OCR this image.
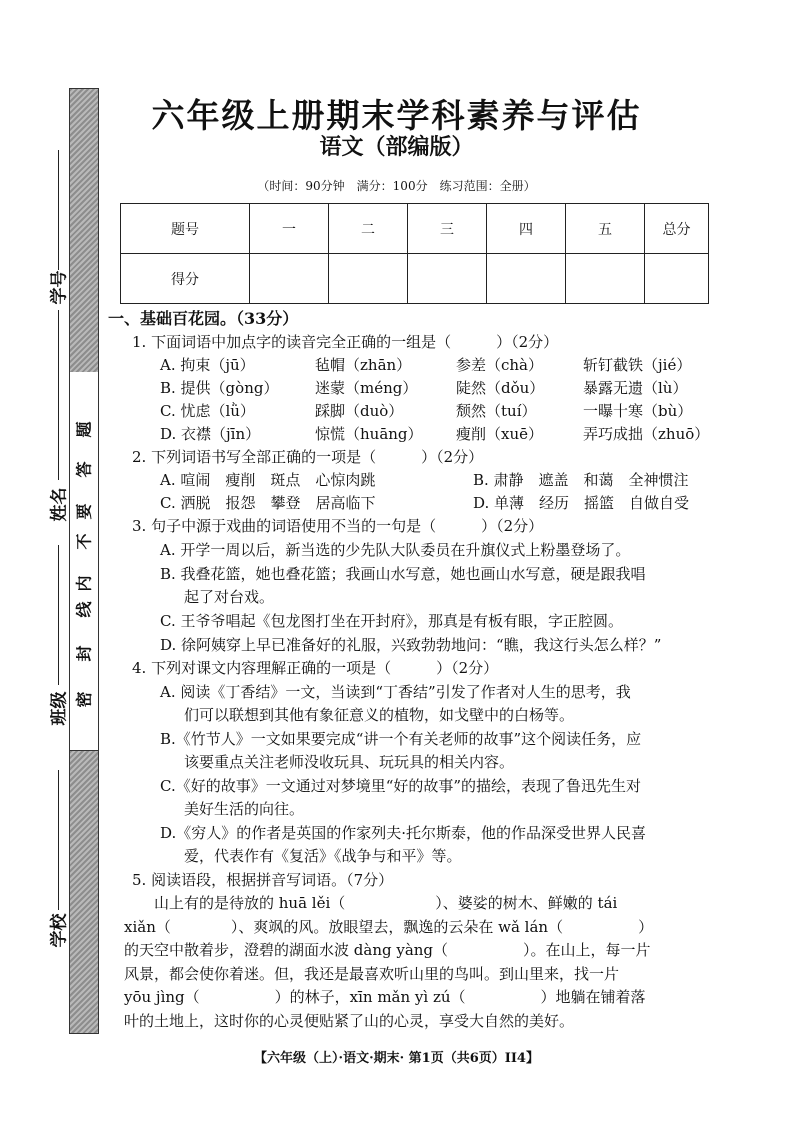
密
封
线
内
不
要
答
题
学校
班级
姓名
学号
六年级上册期末学科素养与评估
语文（部编版）
（时间：90分钟　满分：100分　练习范围：全册）
题号	一	二	三	四	五	总分
得分						
一、基础百花园。（33分）
1. 下面词语中加点字的读音完全正确的一组是（　　　）（2分）
A. 拘束（jū）	毡帽（zhān）	参差（chà）	斩钉截铁（jié）
B. 提供（gòng） 迷蒙（méng）	陡然（dǒu）	暴露无遗（lù）
C. 忧虑（lǜ）	踩脚（duò）	颓然（tuí）	一曝十寒（bù）
D. 衣襟（jīn）	惊慌（huāng） 瘦削（xuē）	弄巧成拙（zhuō）
2. 下列词语书写全部正确的一项是（　　　）（2分）
A. 喧闹　瘦削　斑点　心惊肉跳	B. 肃静　遮盖　和蔼　全神惯注
C. 洒脱　报怨　攀登　居高临下	D. 单薄　经历　摇篮　自做自受
3. 句子中源于戏曲的词语使用不当的一句是（　　　）（2分）
A. 开学一周以后，新当选的少先队大队委员在升旗仪式上粉墨登场了。
B. 我叠花篮，她也叠花篮；我画山水写意，她也画山水写意，硬是跟我唱
起了对台戏。
C. 王爷爷唱起《包龙图打坐在开封府》，那真是有板有眼，字正腔圆。
D. 徐阿姨穿上早已准备好的礼服，兴致勃勃地问：“瞧，我这行头怎么样？”
4. 下列对课文内容理解正确的一项是（　　　）（2分）
A. 阅读《丁香结》一文，当读到“丁香结”引发了作者对人生的思考，我
们可以联想到其他有象征意义的植物，如戈壁中的白杨等。
B.《竹节人》一文如果要完成“讲一个有关老师的故事”这个阅读任务，应
该要重点关注老师没收玩具、玩玩具的相关内容。
C.《好的故事》一文通过对梦境里“好的故事”的描绘，表现了鲁迅先生对
美好生活的向往。
D.《穷人》的作者是英国的作家列夫·托尔斯泰，他的作品深受世界人民喜
爱，代表作有《复活》《战争与和平》等。
5. 阅读语段，根据拼音写词语。（7分）
　　山上有的是待放的 huā lěi（　　　　　　）、婆娑的树木、鲜嫩的 tái
xiǎn（　　　　）、爽飒的风。放眼望去，飘逸的云朵在 wǎ lán（　　　　　）
的天空中散着步，澄碧的湖面水波 dàng yàng（　　　　　）。在山上，每一片
风景，都会使你着迷。但，我还是最喜欢听山里的鸟叫。到山里来，找一片
yōu jìng（　　　　　）的林子，xīn mǎn yì zú（　　　　　）地躺在铺着落
叶的土地上，这时你的心灵便贴紧了山的心灵，享受大自然的美好。
【六年级（上）·语文·期末· 第1页（共6页）II4】
